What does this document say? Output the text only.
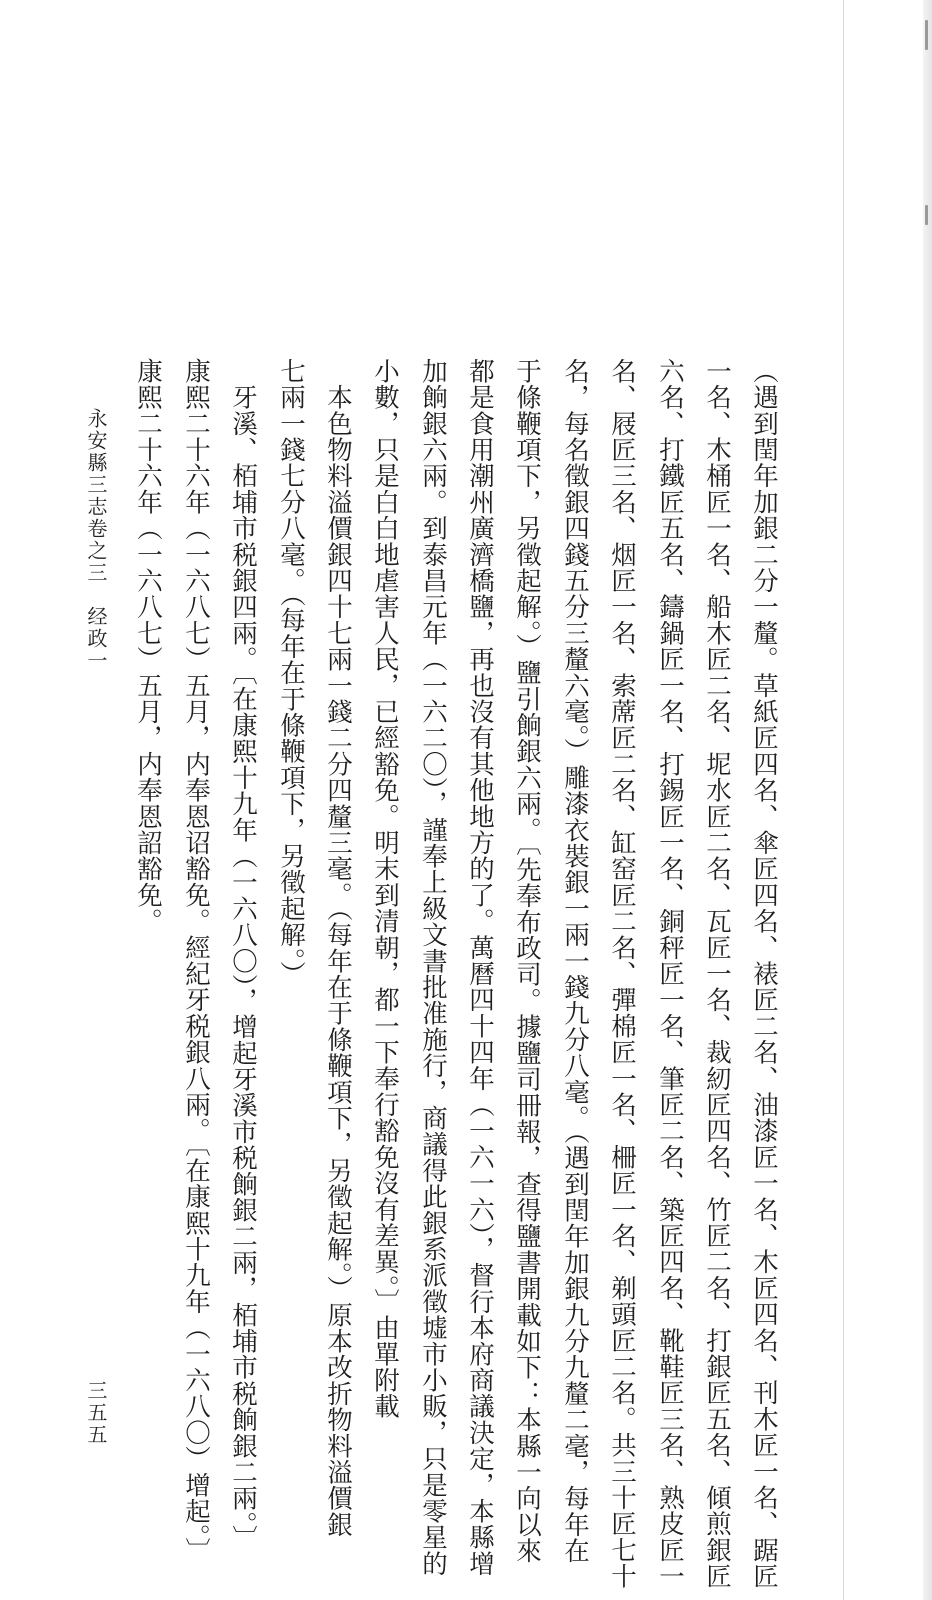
（遇到閏年加銀二分一釐。草紙匠四名、傘匠四名、裱匠二名、油漆匠一名、木匠四名、刊木匠一名、踞匠
一名、木桶匠一名、船木匠二名、坭水匠二名、瓦匠一名、裁紉匠四名、竹匠二名、打銀匠五名、傾煎銀匠
六名、打鐵匠五名、鑄鍋匠一名、打錫匠一名、銅秤匠一名、筆匠二名、築匠四名、靴鞋匠三名、熟皮匠一
名、屐匠三名、烟匠一名、索蓆匠二名、缸窑匠二名、彈棉匠一名、柵匠一名、剃頭匠二名。共三十匠七十
名，每名徵銀四錢五分三釐六毫。）雕漆衣裝銀一兩一錢九分八毫。（遇到閏年加銀九分九釐二毫，每年在
于條鞭項下，另徵起解。）鹽引餉銀六兩。〔先奉布政司。據鹽司冊報，查得鹽書開載如下：本縣一向以來
都是食用潮州廣濟橋鹽，再也沒有其他地方的了。萬曆四十四年（一六一六），督行本府商議決定，本縣增
加餉銀六兩。到泰昌元年（一六二〇），謹奉上級文書批准施行，商議得此銀系派徵墟市小販，只是零星的
小數，只是白白地虐害人民，已經豁免。明末到清朝，都一下奉行豁免沒有差異。〕由單附載
　本色物料溢價銀四十七兩一錢二分四釐三毫。（每年在于條鞭項下，另徵起解。）原本改折物料溢價銀
七兩一錢七分八毫。（每年在于條鞭項下，另徵起解。）
　牙溪、栢埔市税銀四兩。〔在康熙十九年（一六八〇），增起牙溪市税餉銀二兩，栢埔市税餉銀二兩。〕
康熙二十六年（一六八七）五月，内奉恩诏豁免。經紀牙税銀八兩。〔在康熙十九年（一六八〇）增起。〕
康熙二十六年（一六八七）五月，内奉恩詔豁免。
永安縣三志卷之三　经政一
三五五
